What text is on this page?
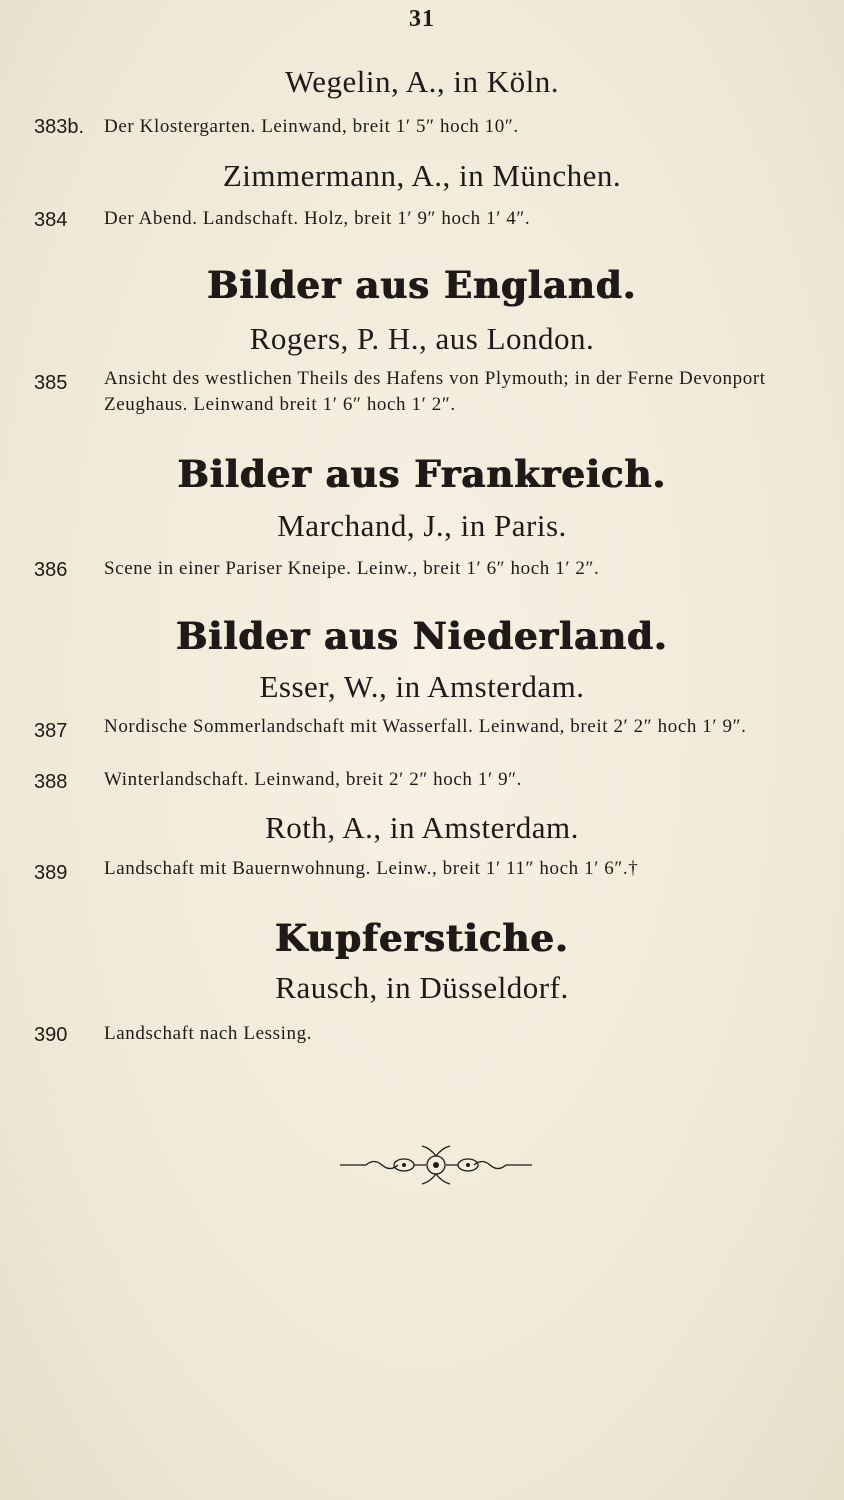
31
Wegelin, A., in Köln.
383b. Der Klostergarten. Leinwand, breit 1′ 5″ hoch 10″.
Zimmermann, A., in München.
384	Der Abend. Landschaft. Holz, breit 1′ 9″ hoch 1′ 4″.
Bilder aus England.
Rogers, P. H., aus London.
385	Ansicht des westlichen Theils des Hafens von Plymouth; in der Ferne Devonport Zeughaus. Leinwand breit 1′ 6″ hoch 1′ 2″.
Bilder aus Frankreich.
Marchand, J., in Paris.
386	Scene in einer Pariser Kneipe. Leinw., breit 1′ 6″ hoch 1′ 2″.
Bilder aus Niederland.
Esser, W., in Amsterdam.
387	Nordische Sommerlandschaft mit Wasserfall. Leinwand, breit 2′ 2″ hoch 1′ 9″.
388	Winterlandschaft. Leinwand, breit 2′ 2″ hoch 1′ 9″.
Roth, A., in Amsterdam.
389	Landschaft mit Bauernwohnung. Leinw., breit 1′ 11″ hoch 1′ 6″.†
Kupferstiche.
Rausch, in Düsseldorf.
390	Landschaft nach Lessing.
